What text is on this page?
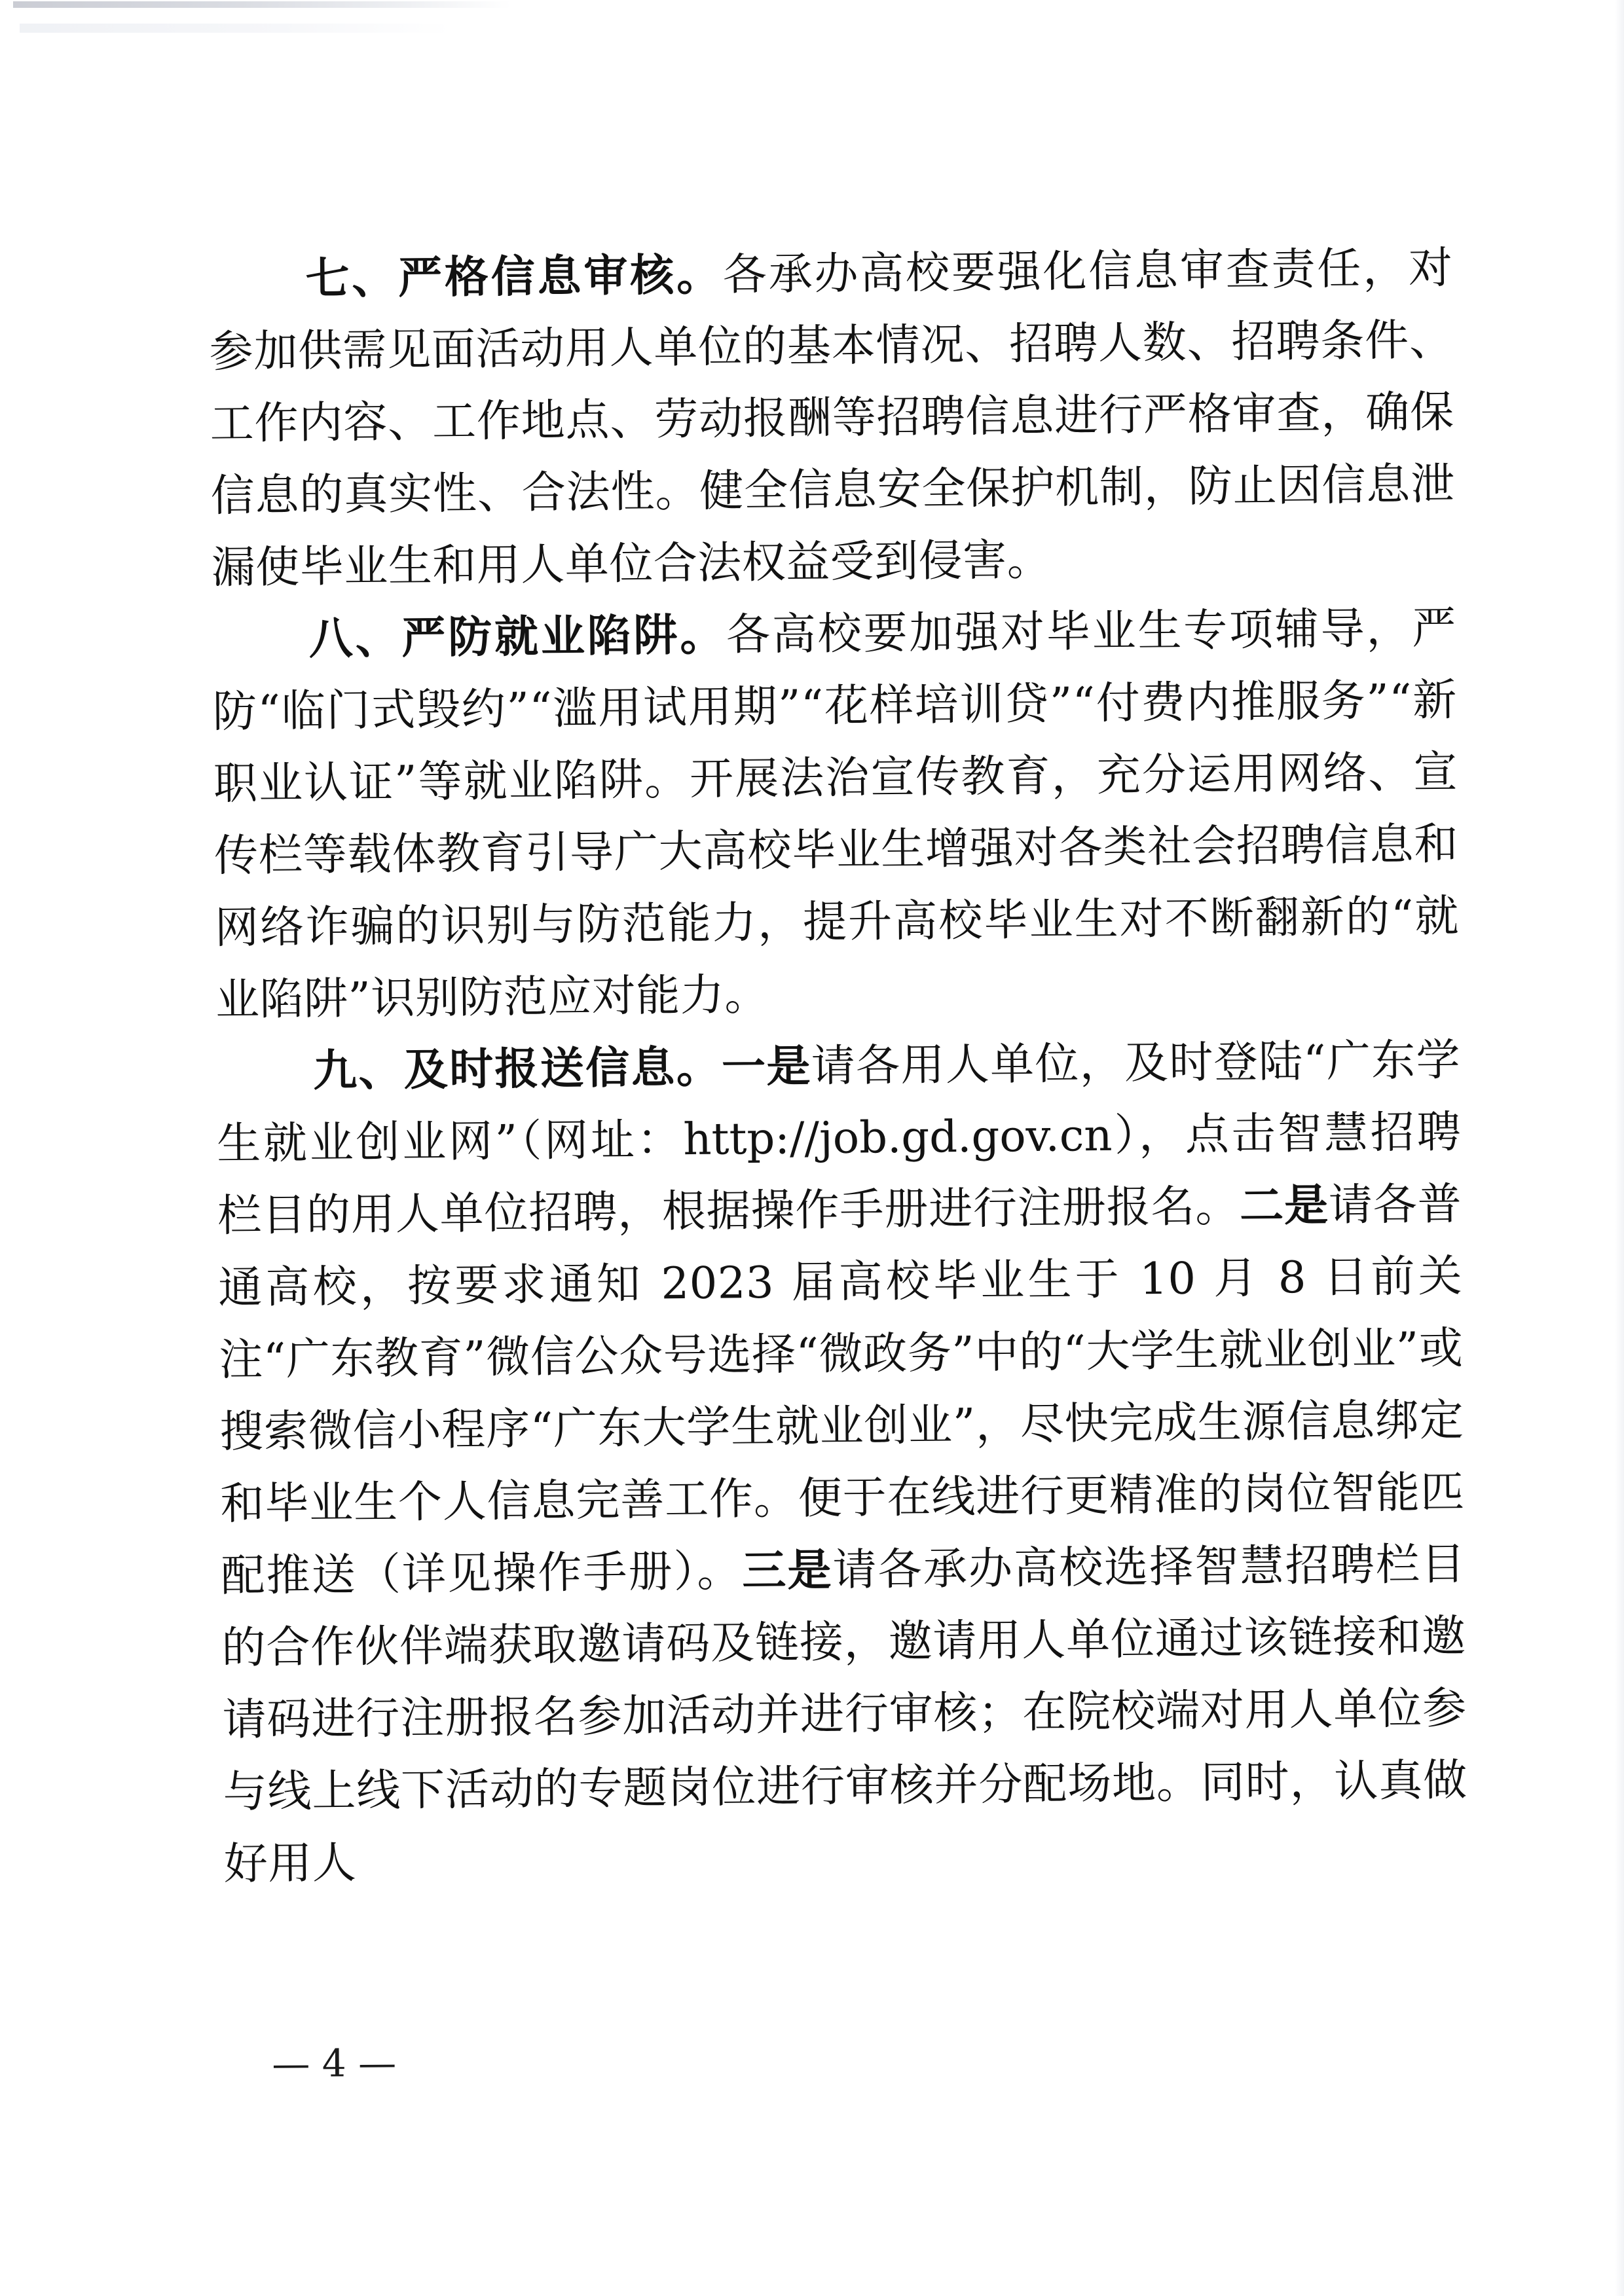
七、严格信息审核。各承办高校要强化信息审查责任，对参加供需见面活动用人单位的基本情况、招聘人数、招聘条件、工作内容、工作地点、劳动报酬等招聘信息进行严格审查，确保信息的真实性、合法性。健全信息安全保护机制，防止因信息泄漏使毕业生和用人单位合法权益受到侵害。

八、严防就业陷阱。各高校要加强对毕业生专项辅导，严防“临门式毁约”“滥用试用期”“花样培训贷”“付费内推服务”“新职业认证”等就业陷阱。开展法治宣传教育，充分运用网络、宣传栏等载体教育引导广大高校毕业生增强对各类社会招聘信息和网络诈骗的识别与防范能力，提升高校毕业生对不断翻新的“就业陷阱”识别防范应对能力。

九、及时报送信息。一是请各用人单位，及时登陆“广东学生就业创业网”（网址：http://job.gd.gov.cn），点击智慧招聘栏目的用人单位招聘，根据操作手册进行注册报名。二是请各普通高校，按要求通知 2023 届高校毕业生于 10 月 8 日前关注“广东教育”微信公众号选择“微政务”中的“大学生就业创业”或搜索微信小程序“广东大学生就业创业”，尽快完成生源信息绑定和毕业生个人信息完善工作。便于在线进行更精准的岗位智能匹配推送（详见操作手册）。三是请各承办高校选择智慧招聘栏目的合作伙伴端获取邀请码及链接，邀请用人单位通过该链接和邀请码进行注册报名参加活动并进行审核；在院校端对用人单位参与线上线下活动的专题岗位进行审核并分配场地。同时，认真做好用人

— 4 —
